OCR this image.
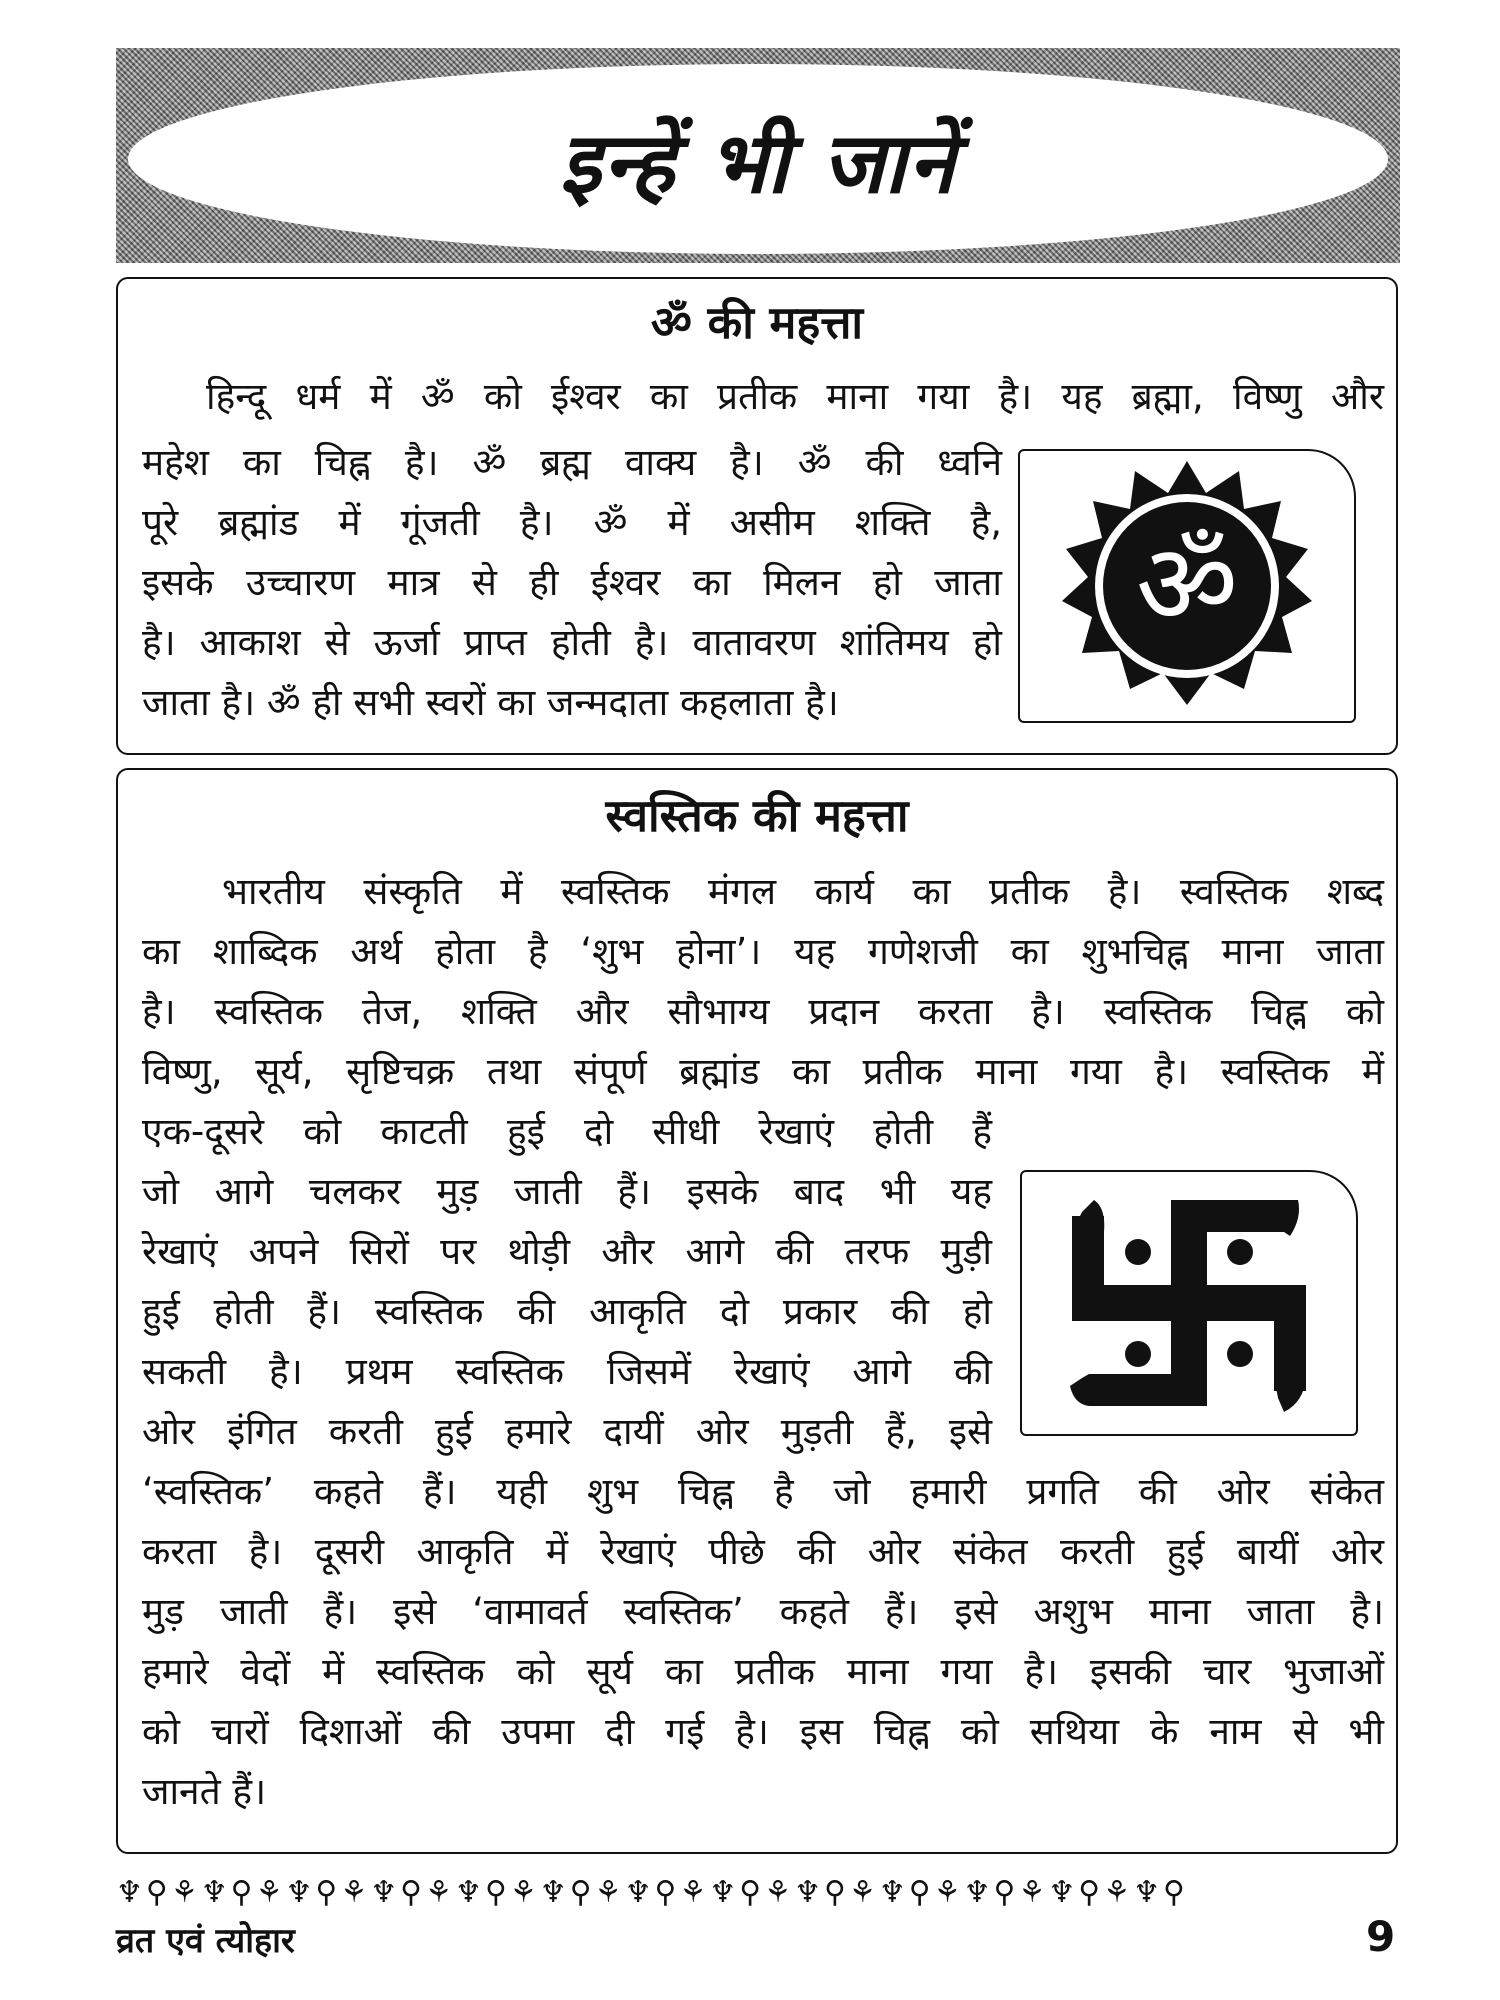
इन्हें भी जानें
ॐ की महत्ता
हिन्दू धर्म में ॐ को ईश्वर का प्रतीक माना गया है। यह ब्रह्मा, विष्णु और
महेश का चिह्न है। ॐ ब्रह्म वाक्य है। ॐ की ध्वनि
पूरे ब्रह्मांड में गूंजती है। ॐ में असीम शक्ति है,
इसके उच्चारण मात्र से ही ईश्वर का मिलन हो जाता
है। आकाश से ऊर्जा प्राप्त होती है। वातावरण शांतिमय हो
जाता है। ॐ ही सभी स्वरों का जन्मदाता कहलाता है।
ॐ
स्वस्तिक की महत्ता
भारतीय संस्कृति में स्वस्तिक मंगल कार्य का प्रतीक है। स्वस्तिक शब्द
का शाब्दिक अर्थ होता है ‘शुभ होना’। यह गणेशजी का शुभचिह्न माना जाता
है। स्वस्तिक तेज, शक्ति और सौभाग्य प्रदान करता है। स्वस्तिक चिह्न को
विष्णु, सूर्य, सृष्टिचक्र तथा संपूर्ण ब्रह्मांड का प्रतीक माना गया है। स्वस्तिक में
एक-दूसरे को काटती हुई दो सीधी रेखाएं होती हैं
जो आगे चलकर मुड़ जाती हैं। इसके बाद भी यह
रेखाएं अपने सिरों पर थोड़ी और आगे की तरफ मुड़ी
हुई होती हैं। स्वस्तिक की आकृति दो प्रकार की हो
सकती है। प्रथम स्वस्तिक जिसमें रेखाएं आगे की
ओर इंगित करती हुई हमारे दायीं ओर मुड़ती हैं, इसे
‘स्वस्तिक’ कहते हैं। यही शुभ चिह्न है जो हमारी प्रगति की ओर संकेत
करता है। दूसरी आकृति में रेखाएं पीछे की ओर संकेत करती हुई बायीं ओर
मुड़ जाती हैं। इसे ‘वामावर्त स्वस्तिक’ कहते हैं। इसे अशुभ माना जाता है।
हमारे वेदों में स्वस्तिक को सूर्य का प्रतीक माना गया है। इसकी चार भुजाओं
को चारों दिशाओं की उपमा दी गई है। इस चिह्न को सथिया के नाम से भी
जानते हैं।
♆⚲⚘♆⚲⚘♆⚲⚘♆⚲⚘♆⚲⚘♆⚲⚘♆⚲⚘♆⚲⚘♆⚲⚘♆⚲⚘♆⚲⚘♆⚲⚘♆⚲
व्रत एवं त्योहार	9
